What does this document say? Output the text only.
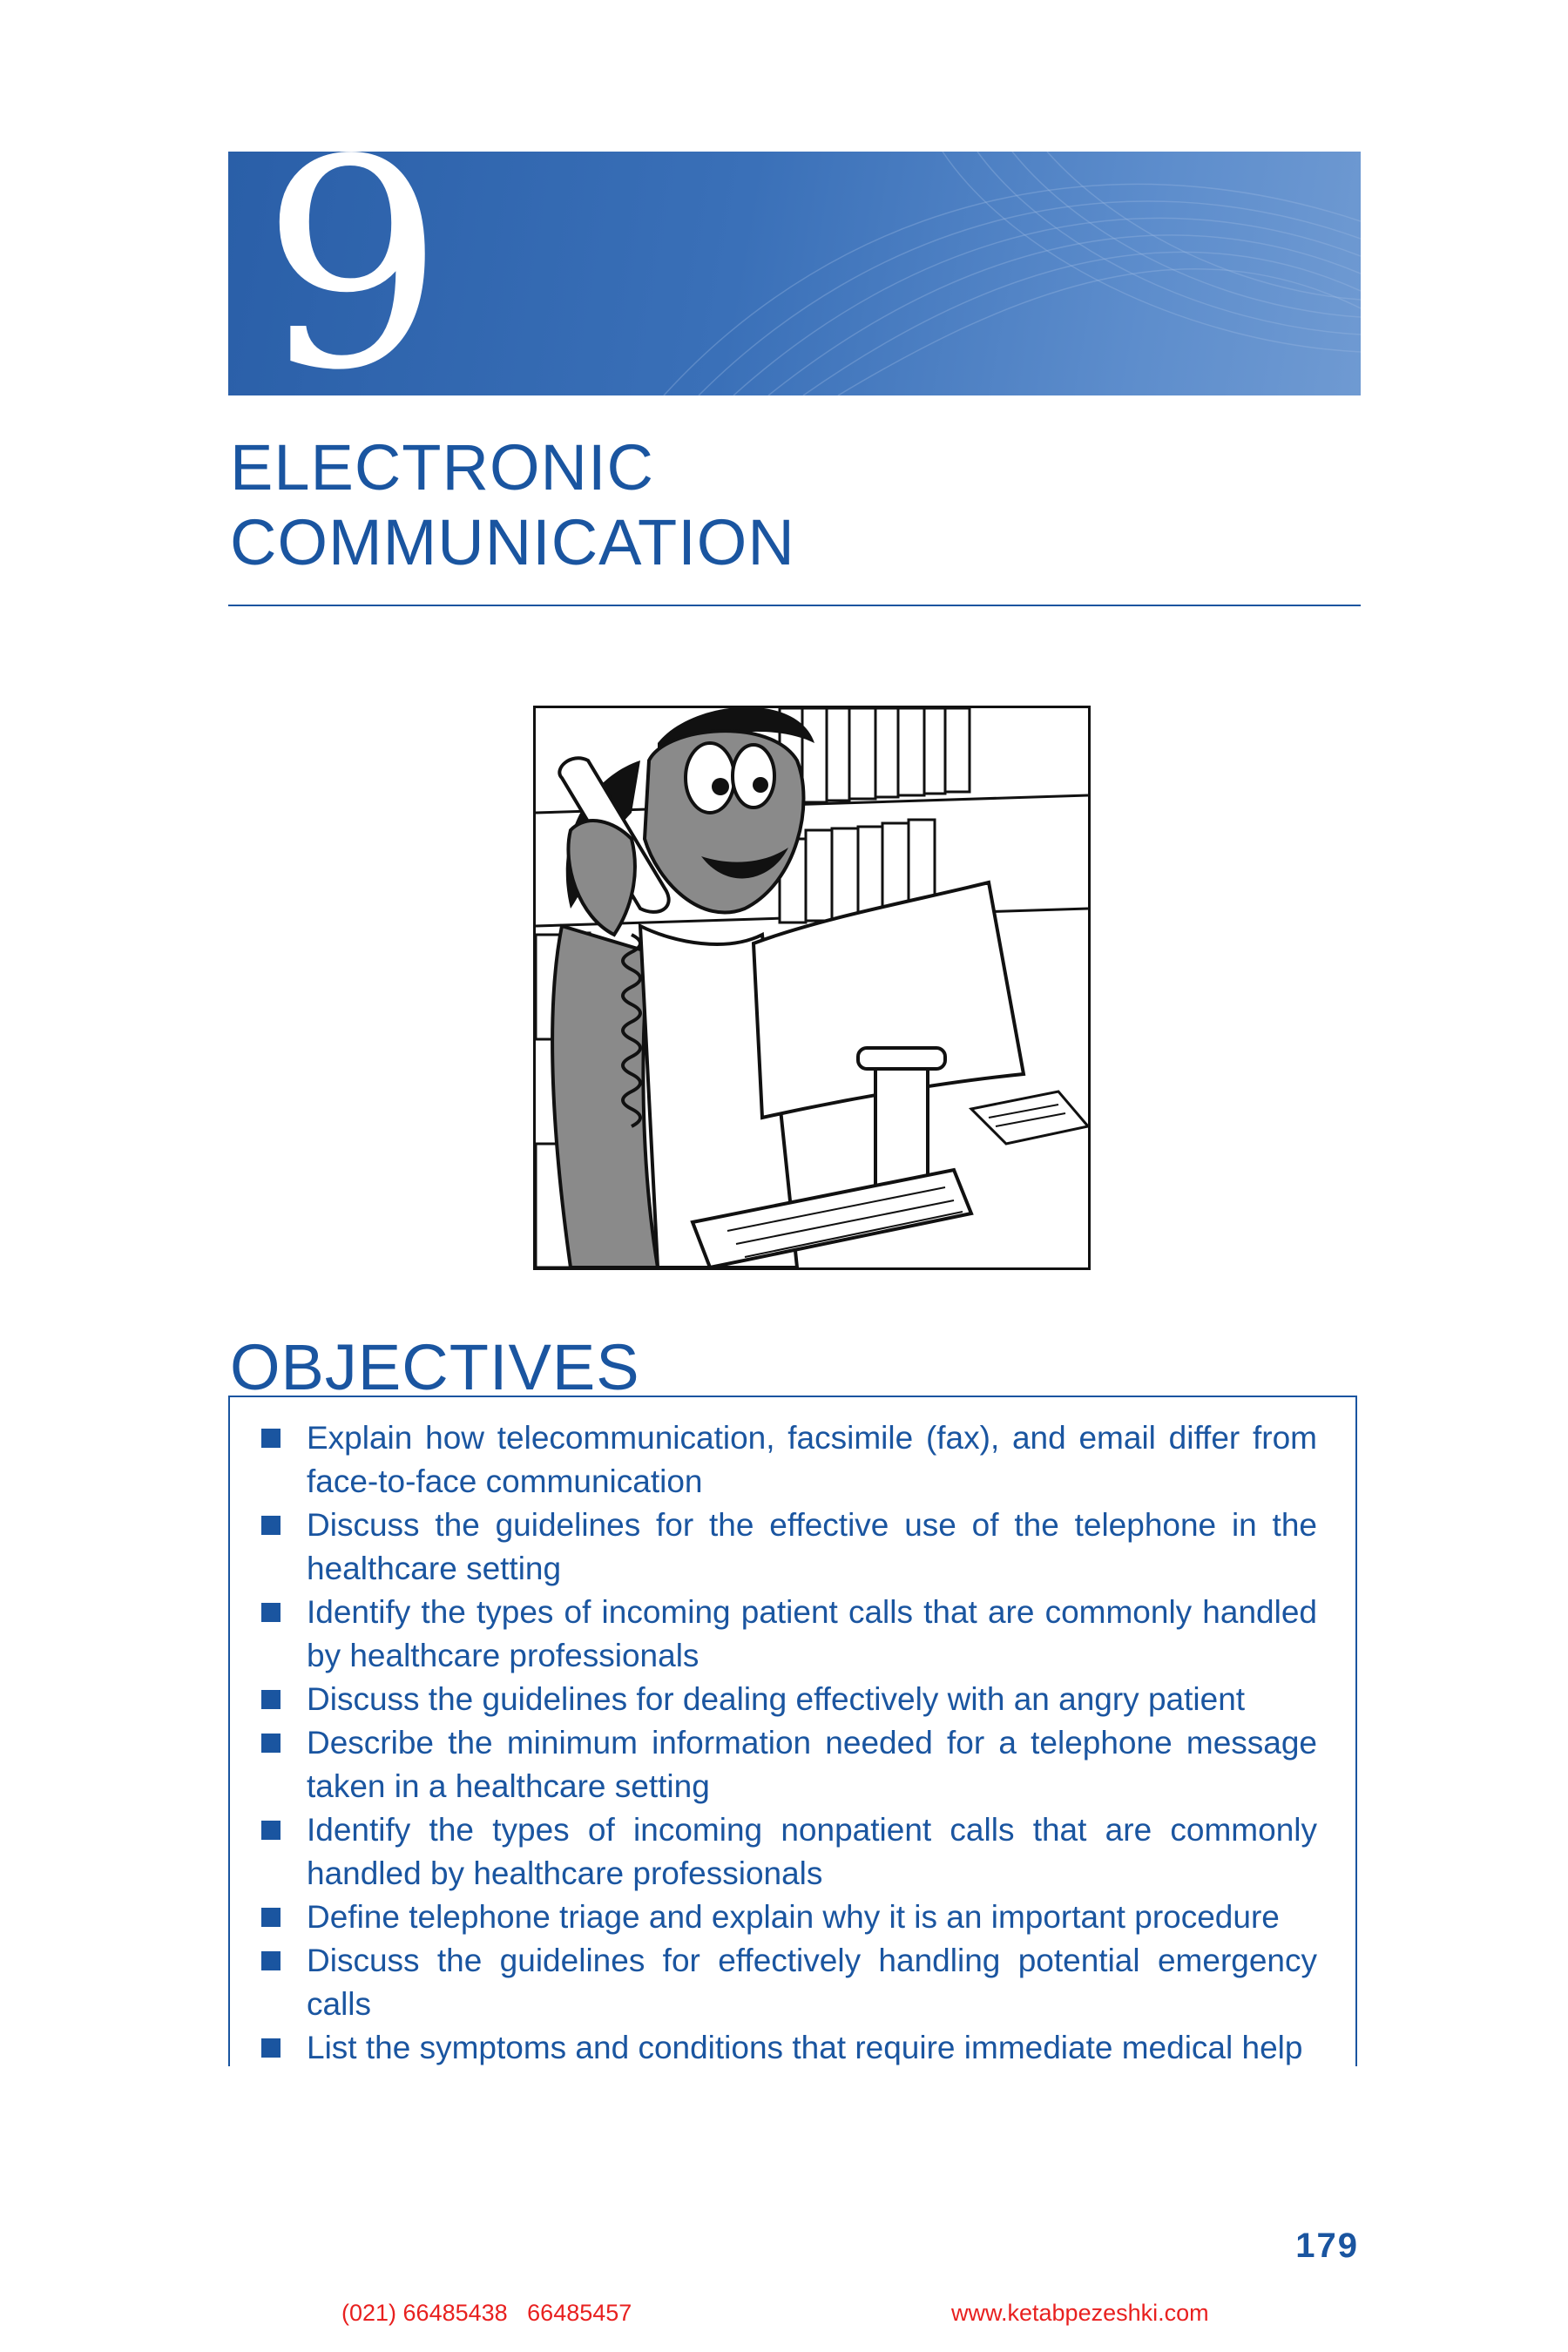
9
ELECTRONIC
COMMUNICATION
OBJECTIVES
Explain how telecommunication, facsimile (fax), and email differ from face-to-face communication
Discuss the guidelines for the effective use of the telephone in the healthcare setting
Identify the types of incoming patient calls that are commonly handled by healthcare professionals
Discuss the guidelines for dealing effectively with an angry patient
Describe the minimum information needed for a telephone message taken in a healthcare setting
Identify the types of incoming nonpatient calls that are commonly handled by healthcare professionals
Define telephone triage and explain why it is an important procedure
Discuss the guidelines for effectively handling potential emergency calls
List the symptoms and conditions that require immediate medical help
179
(021) 66485438   66485457	www.ketabpezeshki.com
